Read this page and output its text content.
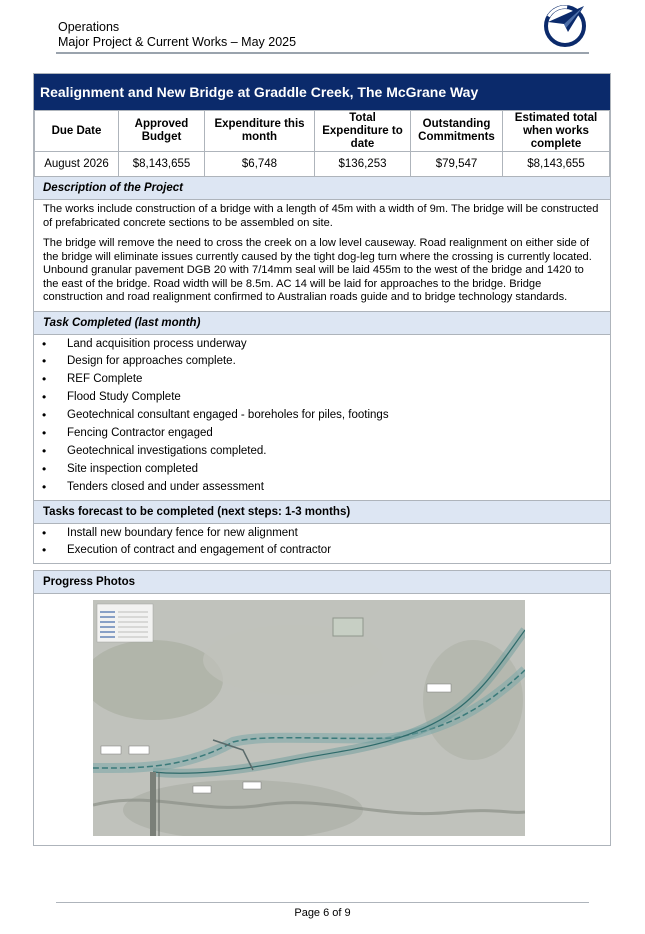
Operations
Major Project & Current Works – May 2025
Realignment and New Bridge at Graddle Creek, The McGrane Way
Due Date	Approved Budget	Expenditure this month	Total Expenditure to date	Outstanding Commitments	Estimated total when works complete
August 2026	$8,143,655	$6,748	$136,253	$79,547	$8,143,655
Description of the Project

The works include construction of a bridge with a length of 45m with a width of 9m. The bridge will be constructed of prefabricated concrete sections to be assembled on site.

The bridge will remove the need to cross the creek on a low level causeway. Road realignment on either side of the bridge will eliminate issues currently caused by the tight dog-leg turn where the crossing is currently located. Unbound granular pavement DGB 20 with 7/14mm seal will be laid 455m to the west of the bridge and 1420 to the east of the bridge. Road width will be 8.5m. AC 14 will be laid for approaches to the bridge. Bridge construction and road realignment confirmed to Australian roads guide and to bridge technology standards.

Task Completed (last month)
• Land acquisition process underway
• Design for approaches complete.
• REF Complete
• Flood Study Complete
• Geotechnical consultant engaged - boreholes for piles, footings
• Fencing Contractor engaged
• Geotechnical investigations completed.
• Site inspection completed
• Tenders closed and under assessment
Tasks forecast to be completed (next steps: 1-3 months)
• Install new boundary fence for new alignment
• Execution of contract and engagement of contractor
Progress Photos
Page 6 of 9
